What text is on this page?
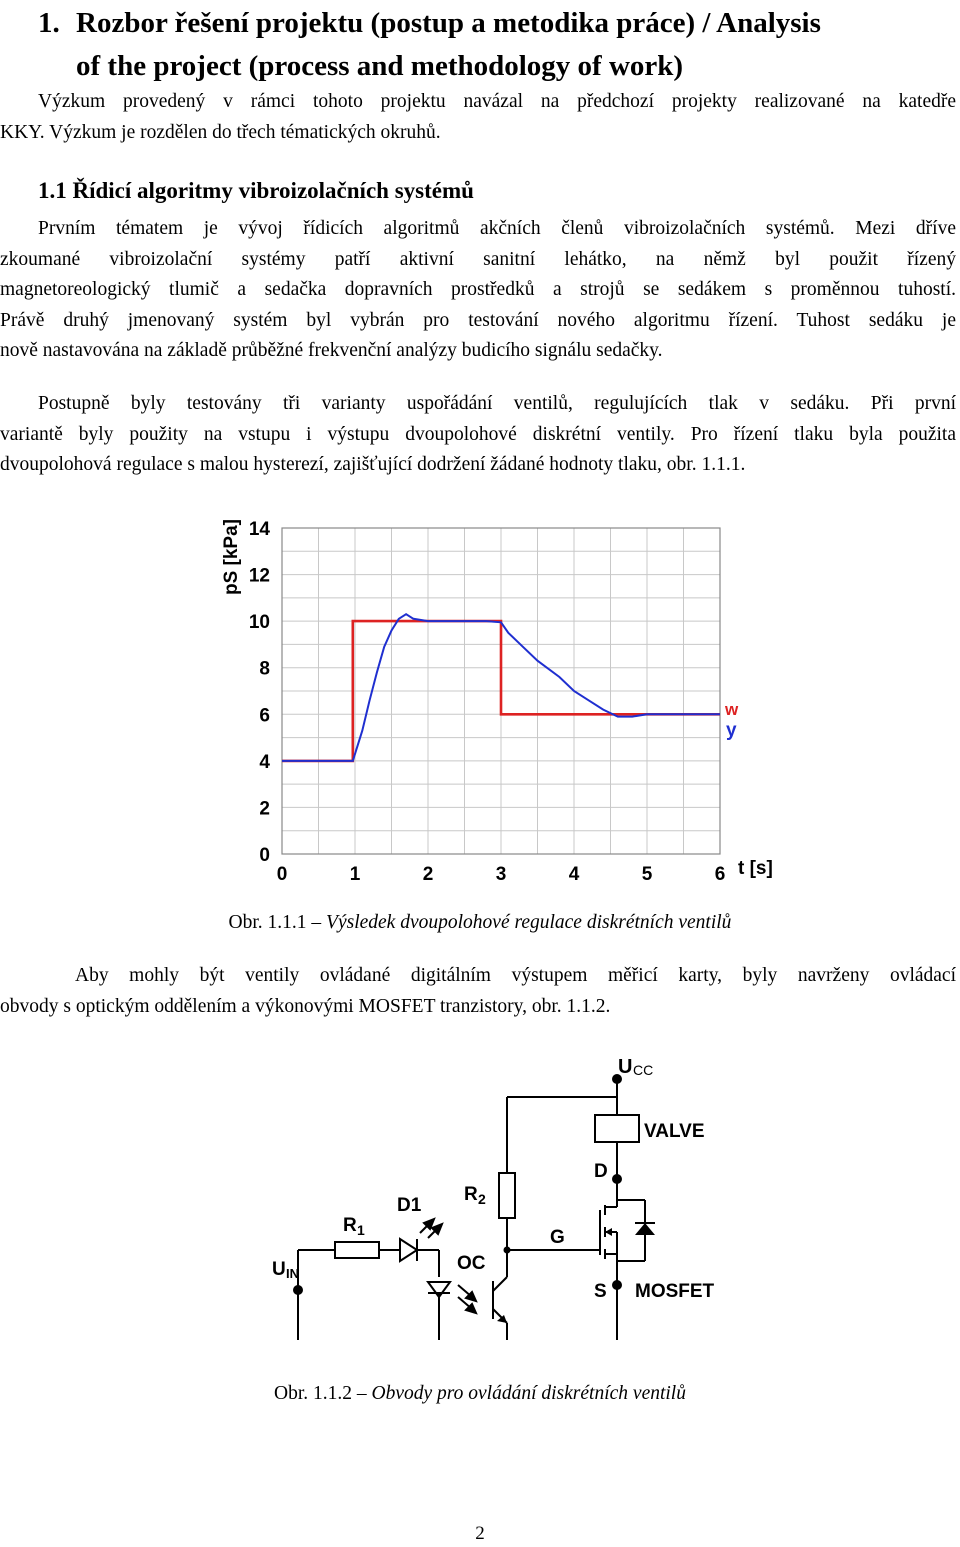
1. Rozbor řešení projektu (postup a metodika práce) / Analysis
of the project (process and methodology of work)
Výzkum provedený v rámci tohoto projektu navázal na předchozí projekty realizované na katedře
KKY. Výzkum je rozdělen do třech tématických okruhů.
1.1 Řídicí algoritmy vibroizolačních systémů
Prvním tématem je vývoj řídicích algoritmů akčních členů vibroizolačních systémů. Mezi dříve
zkoumané vibroizolační systémy patří aktivní sanitní lehátko, na němž byl použit řízený
magnetoreologický tlumič a sedačka dopravních prostředků a strojů se sedákem s proměnnou tuhostí.
Právě druhý jmenovaný systém byl vybrán pro testování nového algoritmu řízení. Tuhost sedáku je
nově nastavována na základě průběžné frekvenční analýzy budicího signálu sedačky.
Postupně byly testovány tři varianty uspořádání ventilů, regulujících tlak v sedáku. Při první
variantě byly použity na vstupu i výstupu dvoupolohové diskrétní ventily. Pro řízení tlaku byla použita
dvoupolohová regulace s malou hysterezí, zajišťující dodržení žádané hodnoty tlaku, obr. 1.1.1.
0
2
4
6
8
10
12
14
0	1	2	3	4	5	6
pS [kPa]
t [s]
w
y

Obr. 1.1.1 – Výsledek dvoupolohové regulace diskrétních ventilů

Aby mohly být ventily ovládané digitálním výstupem měřicí karty, byly navrženy ovládací
obvody s optickým oddělením a výkonovými MOSFET tranzistory, obr. 1.1.2.
U CC
VALVE
D
R 2
D1
R 1	G
OC
U IN
S MOSFET

Obr. 1.1.2 – Obvody pro ovládání diskrétních ventilů

2
